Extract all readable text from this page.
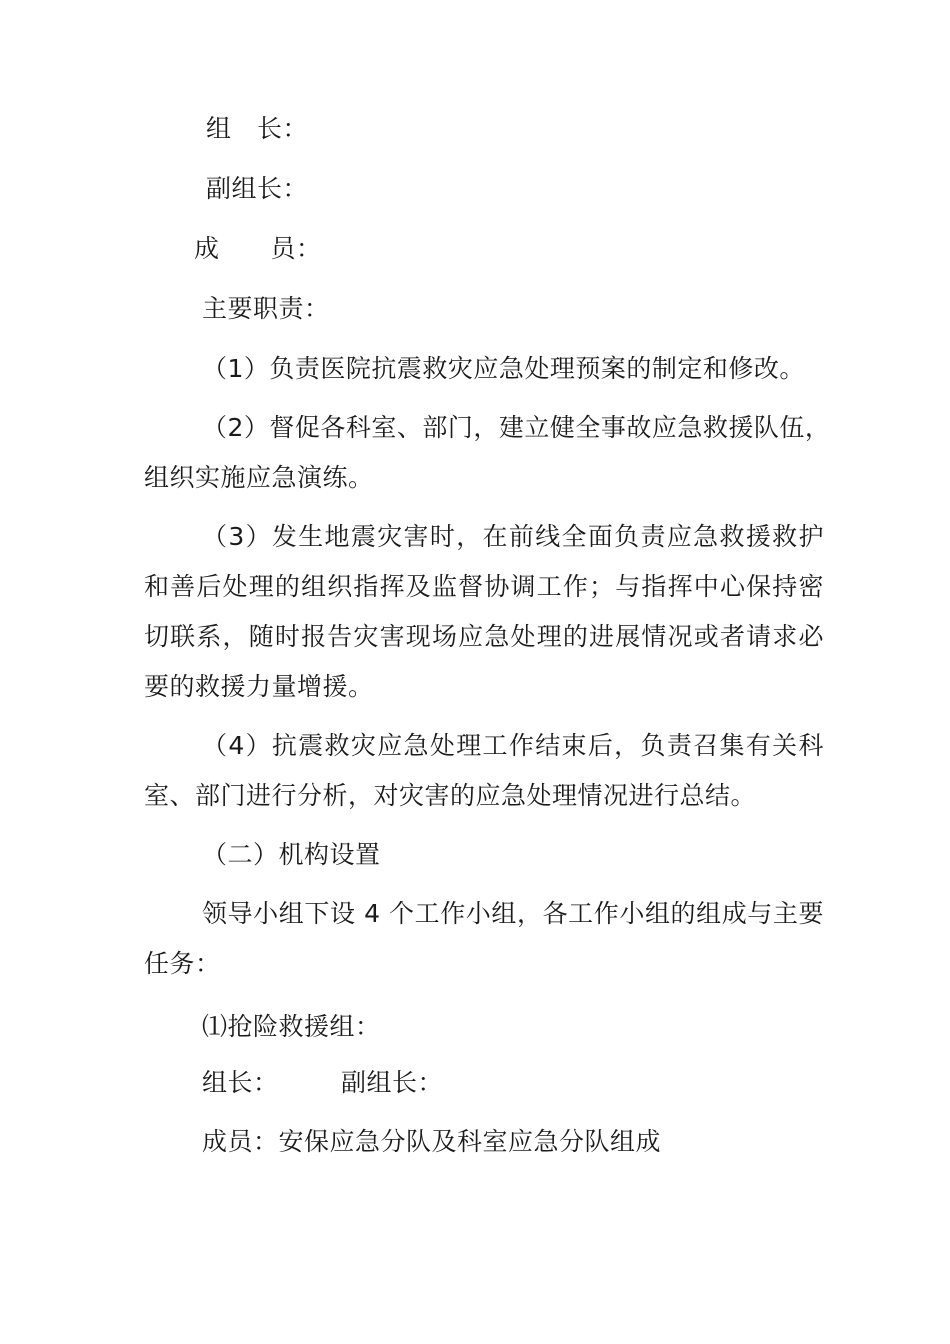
组　长：
副组长：
成　　员：
主要职责：
（1）负责医院抗震救灾应急处理预案的制定和修改。
（2）督促各科室、部门，建立健全事故应急救援队伍，
组织实施应急演练。
（3）发生地震灾害时，在前线全面负责应急救援救护
和善后处理的组织指挥及监督协调工作；与指挥中心保持密
切联系，随时报告灾害现场应急处理的进展情况或者请求必
要的救援力量增援。
（4）抗震救灾应急处理工作结束后，负责召集有关科
室、部门进行分析，对灾害的应急处理情况进行总结。
（二）机构设置
领导小组下设 4 个工作小组，各工作小组的组成与主要
任务：
⑴抢险救援组：
组长： 副组长：
成员：安保应急分队及科室应急分队组成
